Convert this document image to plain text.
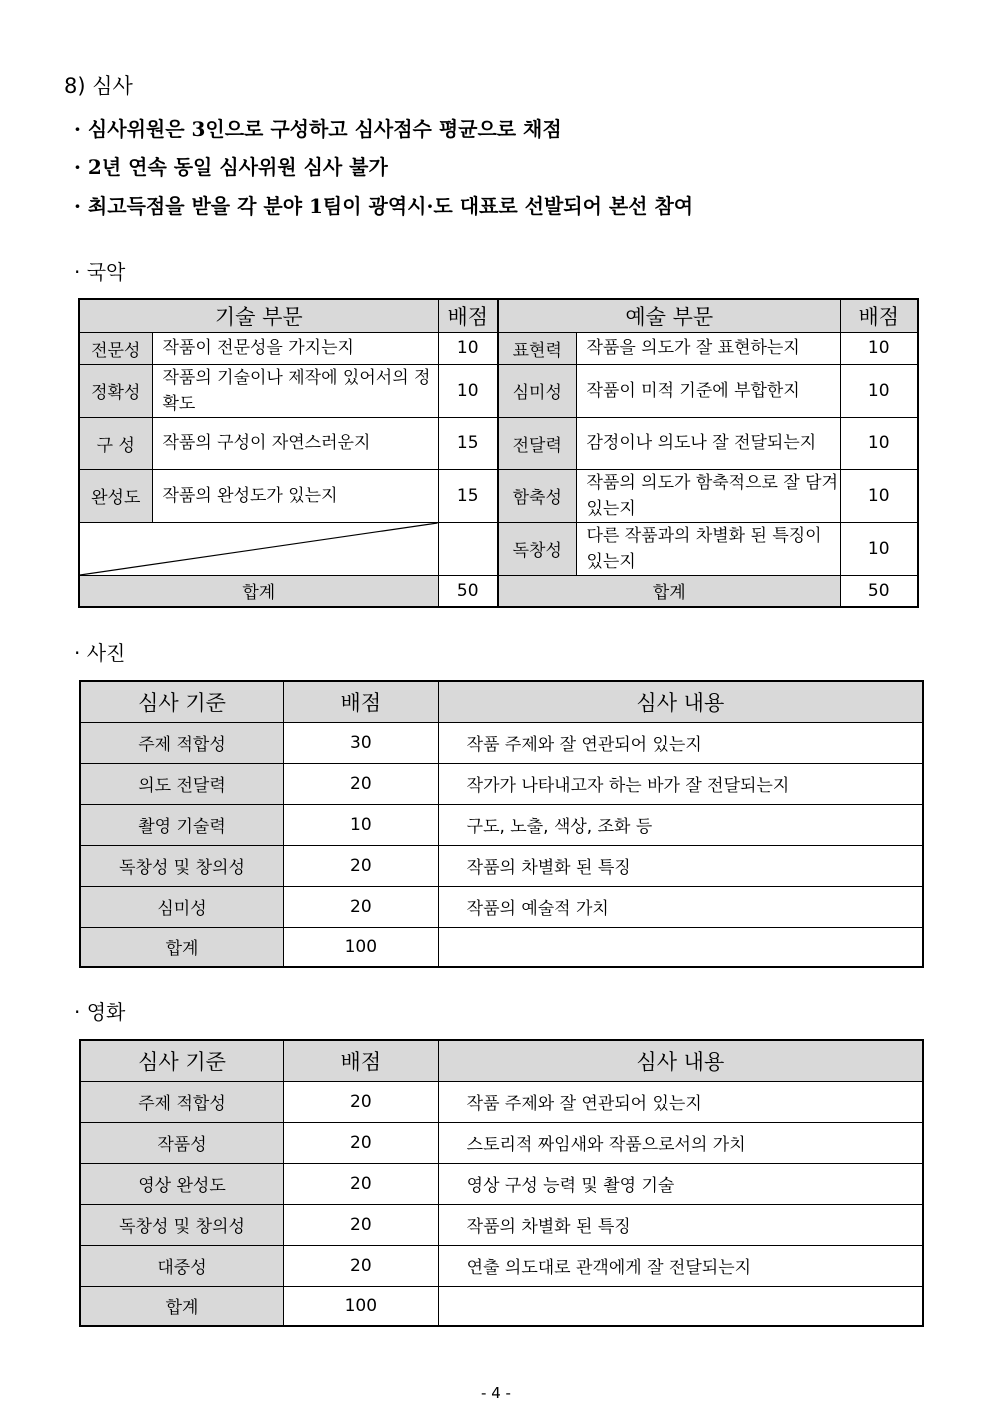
8) 심사
· 심사위원은 3인으로 구성하고 심사점수 평균으로 채점
· 2년 연속 동일 심사위원 심사 불가
· 최고득점을 받을 각 분야 1팀이 광역시·도 대표로 선발되어 본선 참여
· 국악
기술 부문		배점	예술 부문		배점
전문성	작품이 전문성을 가지는지	10	표현력	작품을 의도가 잘 표현하는지	10
정확성	작품의 기술이나 제작에 있어서의 정확도	10	심미성	작품이 미적 기준에 부합한지	10
구 성	작품의 구성이 자연스러운지	15	전달력	감정이나 의도나 잘 전달되는지	10
완성도	작품의 완성도가 있는지	15	함축성	작품의 의도가 함축적으로 잘 담겨 있는지	10

		독창성	다른 작품과의 차별화 된 특징이 있는지	10
합계		50	합계		50
· 사진
심사 기준	배점	심사 내용
주제 적합성	30	작품 주제와 잘 연관되어 있는지
의도 전달력	20	작가가 나타내고자 하는 바가 잘 전달되는지
촬영 기술력	10	구도, 노출, 색상, 조화 등
독창성 및 창의성	20	작품의 차별화 된 특징
심미성	20	작품의 예술적 가치
합계	100	
· 영화
심사 기준	배점	심사 내용
주제 적합성	20	작품 주제와 잘 연관되어 있는지
작품성	20	스토리적 짜임새와 작품으로서의 가치
영상 완성도	20	영상 구성 능력 및 촬영 기술
독창성 및 창의성	20	작품의 차별화 된 특징
대중성	20	연출 의도대로 관객에게 잘 전달되는지
합계	100	
- 4 -
